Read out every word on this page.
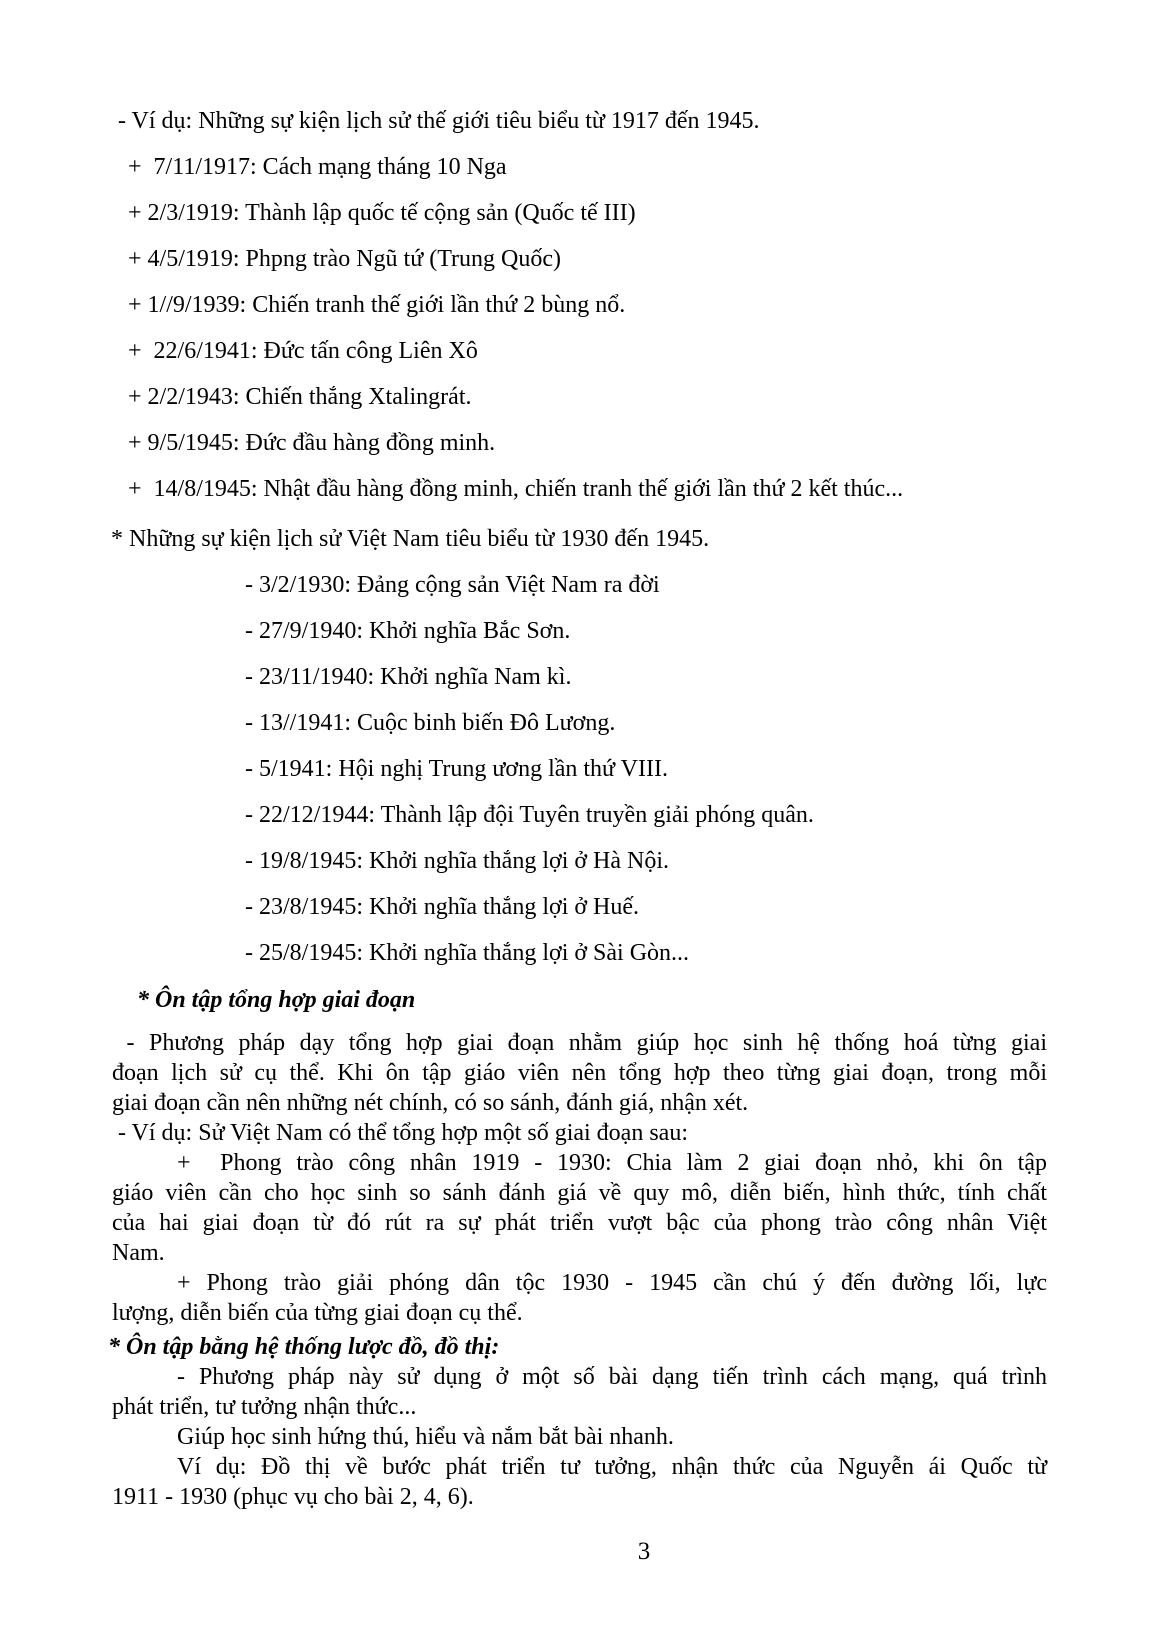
- Ví dụ: Những sự kiện lịch sử thế giới tiêu biểu từ 1917 đến 1945.
+  7/11/1917: Cách mạng tháng 10 Nga
+ 2/3/1919: Thành lập quốc tế cộng sản (Quốc tế III)
+ 4/5/1919: Phpng trào Ngũ tứ (Trung Quốc)
+ 1//9/1939: Chiến tranh thế giới lần thứ 2 bùng nổ.
+  22/6/1941: Đức tấn công Liên Xô
+ 2/2/1943: Chiến thắng Xtalingrát.
+ 9/5/1945: Đức đầu hàng đồng minh.
+  14/8/1945: Nhật đầu hàng đồng minh, chiến tranh thế giới lần thứ 2 kết thúc...
* Những sự kiện lịch sử Việt Nam tiêu biểu từ 1930 đến 1945.
- 3/2/1930: Đảng cộng sản Việt Nam ra đời
- 27/9/1940: Khởi nghĩa Bắc Sơn.
- 23/11/1940: Khởi nghĩa Nam kì.
- 13//1941: Cuộc binh biến Đô Lương.
- 5/1941: Hội nghị Trung ương lần thứ VIII.
- 22/12/1944: Thành lập đội Tuyên truyền giải phóng quân.
- 19/8/1945: Khởi nghĩa thắng lợi ở Hà Nội.
- 23/8/1945: Khởi nghĩa thắng lợi ở Huế.
- 25/8/1945: Khởi nghĩa thắng lợi ở Sài Gòn...
* Ôn tập tổng hợp giai đoạn
- Phương pháp dạy tổng hợp giai đoạn nhằm giúp học sinh hệ thống hoá từng giai
đoạn lịch sử cụ thể. Khi ôn tập giáo viên nên tổng hợp theo từng giai đoạn, trong mỗi
giai đoạn cần nên những nét chính, có so sánh, đánh giá, nhận xét.
- Ví dụ: Sử Việt Nam có thể tổng hợp một số giai đoạn sau:
+  Phong trào công nhân 1919 - 1930: Chia làm 2 giai đoạn nhỏ, khi ôn tập
giáo viên cần cho học sinh so sánh đánh giá về quy mô, diễn biến, hình thức, tính chất
của hai giai đoạn từ đó rút ra sự phát triển vượt bậc của phong trào công nhân Việt
Nam.
+ Phong trào giải phóng dân tộc 1930 - 1945 cần chú ý đến đường lối, lực
lượng, diễn biến của từng giai đoạn cụ thể.
* Ôn tập bằng hệ thống lược đồ, đồ thị:
- Phương pháp này sử dụng ở một số bài dạng tiến trình cách mạng, quá trình
phát triển, tư tưởng nhận thức...
Giúp học sinh hứng thú, hiểu và nắm bắt bài nhanh.
Ví dụ: Đồ thị về bước phát triển tư tưởng, nhận thức của Nguyễn ái Quốc từ
1911 - 1930 (phục vụ cho bài 2, 4, 6).
3
